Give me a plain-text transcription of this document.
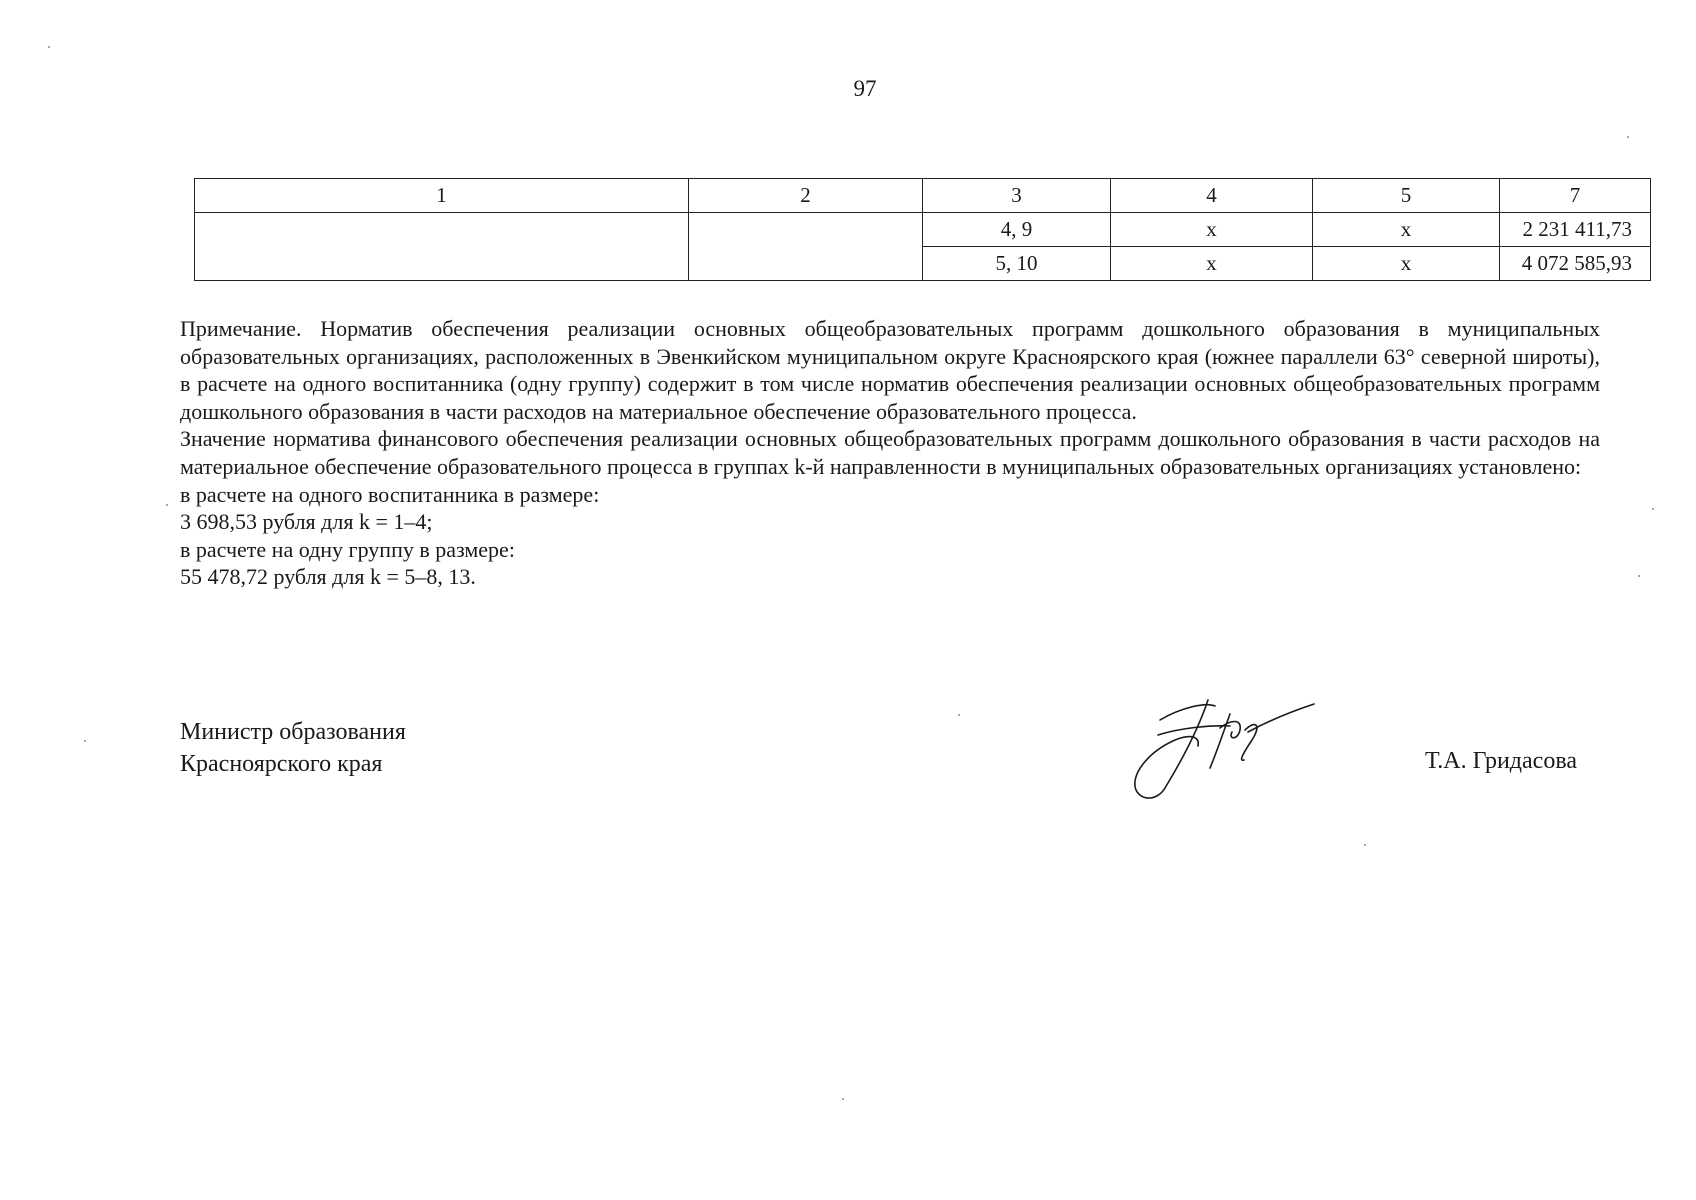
97
1	2	3	4	5	7
		4, 9	x	x	2 231 411,73
		5, 10	x	x	4 072 585,93

Примечание. Норматив обеспечения реализации основных общеобразовательных программ дошкольного образования в муниципальных образовательных организациях, расположенных в Эвенкийском муниципальном округе Красноярского края (южнее параллели 63° северной широты), в расчете на одного воспитанника (одну группу) содержит в том числе норматив обеспечения реализации основных общеобразовательных программ дошкольного образования в части расходов на материальное обеспечение образовательного процесса.

Значение норматива финансового обеспечения реализации основных общеобразовательных программ дошкольного образования в части расходов на материальное обеспечение образовательного процесса в группах k-й направленности в муниципальных образовательных организациях установлено:

в расчете на одного воспитанника в размере:

3 698,53 рубля для k = 1–4;

в расчете на одну группу в размере:

55 478,72 рубля для k = 5–8, 13.

Министр образования
Красноярского края	Т.А. Гридасова
